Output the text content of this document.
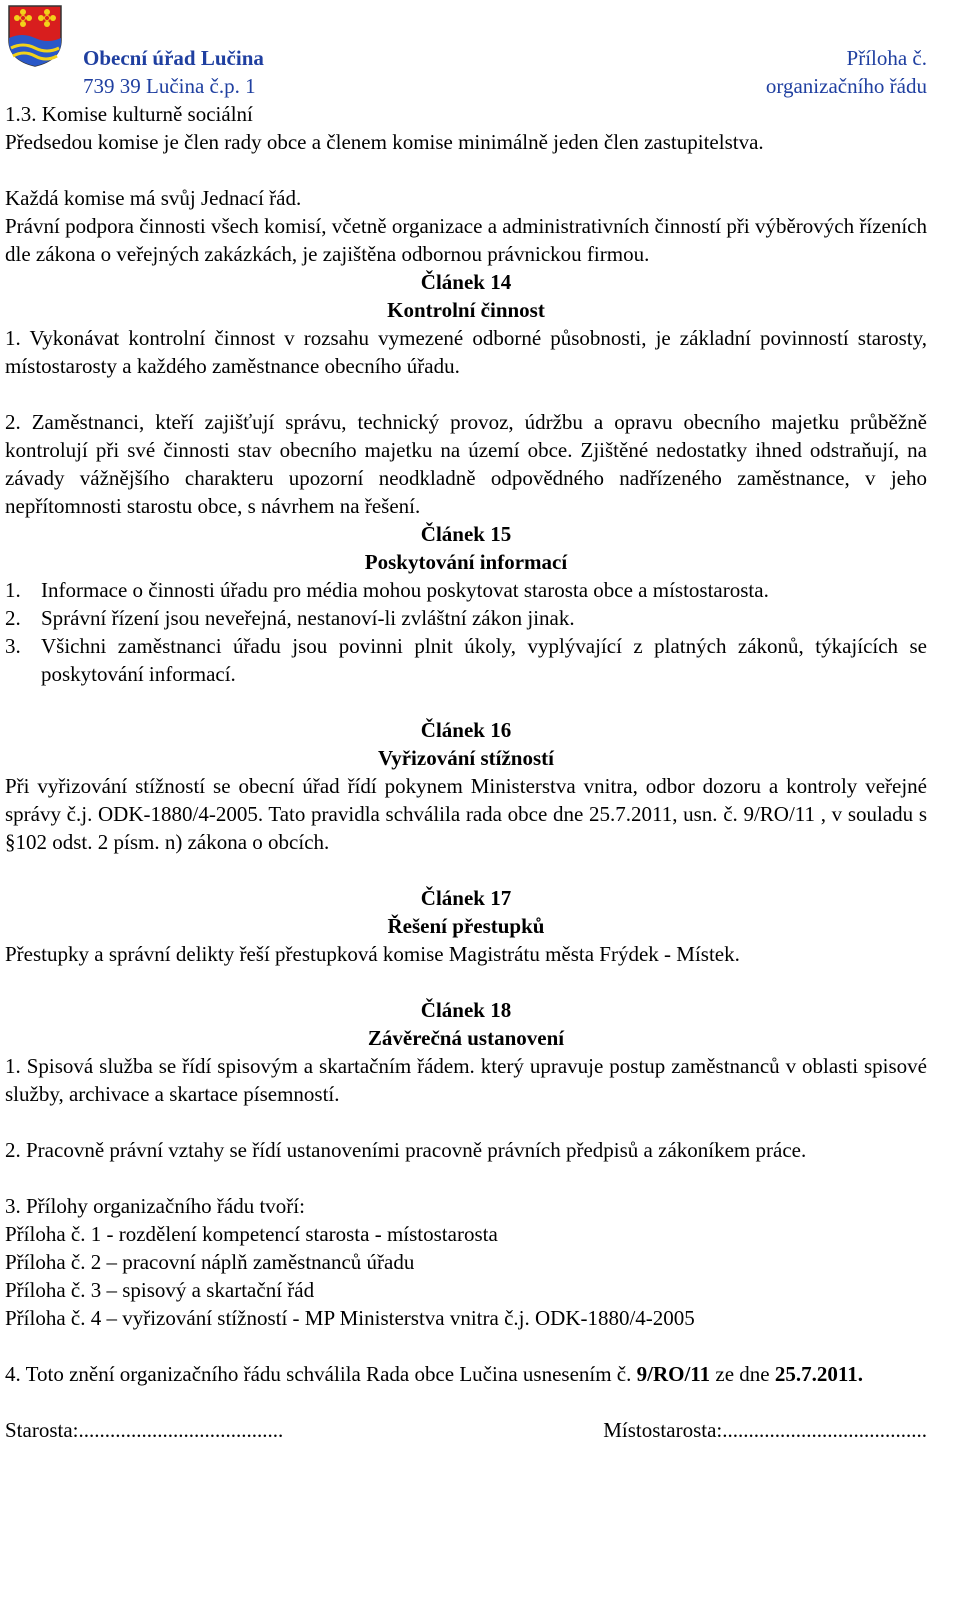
Obecní úřad Lučina
739 39 Lučina č.p. 1
Příloha č.
organizačního řádu

1.3. Komise kulturně sociální

Předsedou komise je člen rady obce a členem komise minimálně jeden člen zastupitelstva.

Každá komise má svůj Jednací řád.

Právní podpora činnosti všech komisí, včetně organizace a administrativních činností při výběrových řízeních dle zákona o veřejných zakázkách, je zajištěna odbornou právnickou firmou.

Článek 14

Kontrolní činnost

1. Vykonávat kontrolní činnost v rozsahu vymezené odborné působnosti, je základní povinností starosty, místostarosty a každého zaměstnance obecního úřadu.

2. Zaměstnanci, kteří zajišťují správu, technický provoz, údržbu a opravu obecního majetku průběžně kontrolují při své činnosti stav obecního majetku na území obce. Zjištěné nedostatky ihned odstraňují, na závady vážnějšího charakteru upozorní neodkladně odpovědného nadřízeného zaměstnance, v jeho nepřítomnosti starostu obce, s návrhem na řešení.

Článek 15

Poskytování informací

1. Informace o činnosti úřadu pro média mohou poskytovat starosta obce a místostarosta.
2. Správní řízení jsou neveřejná, nestanoví-li zvláštní zákon jinak.
3. Všichni zaměstnanci úřadu jsou povinni plnit úkoly, vyplývající z platných zákonů, týkajících se poskytování informací.

Článek 16

Vyřizování stížností

Při vyřizování stížností se obecní úřad řídí pokynem Ministerstva vnitra, odbor dozoru a kontroly veřejné správy č.j. ODK-1880/4-2005. Tato pravidla schválila rada obce dne 25.7.2011, usn. č. 9/RO/11 , v souladu s §102 odst. 2 písm. n) zákona o obcích.

Článek 17

Řešení přestupků

Přestupky a správní delikty řeší přestupková komise Magistrátu města Frýdek - Místek.

Článek 18

Závěrečná ustanovení

1. Spisová služba se řídí spisovým a skartačním řádem. který upravuje postup zaměstnanců v oblasti spisové služby, archivace a skartace písemností.

2. Pracovně právní vztahy se řídí ustanoveními pracovně právních předpisů a zákoníkem práce.

3. Přílohy organizačního řádu tvoří:

Příloha č. 1 - rozdělení kompetencí starosta - místostarosta

Příloha č. 2 – pracovní náplň zaměstnanců úřadu

Příloha č. 3 – spisový a skartační řád

Příloha č. 4 – vyřizování stížností - MP Ministerstva vnitra č.j. ODK-1880/4-2005

4. Toto znění organizačního řádu schválila Rada obce Lučina usnesením č. 9/RO/11 ze dne 25.7.2011.

Starosta:.......................................	Místostarosta:.......................................
